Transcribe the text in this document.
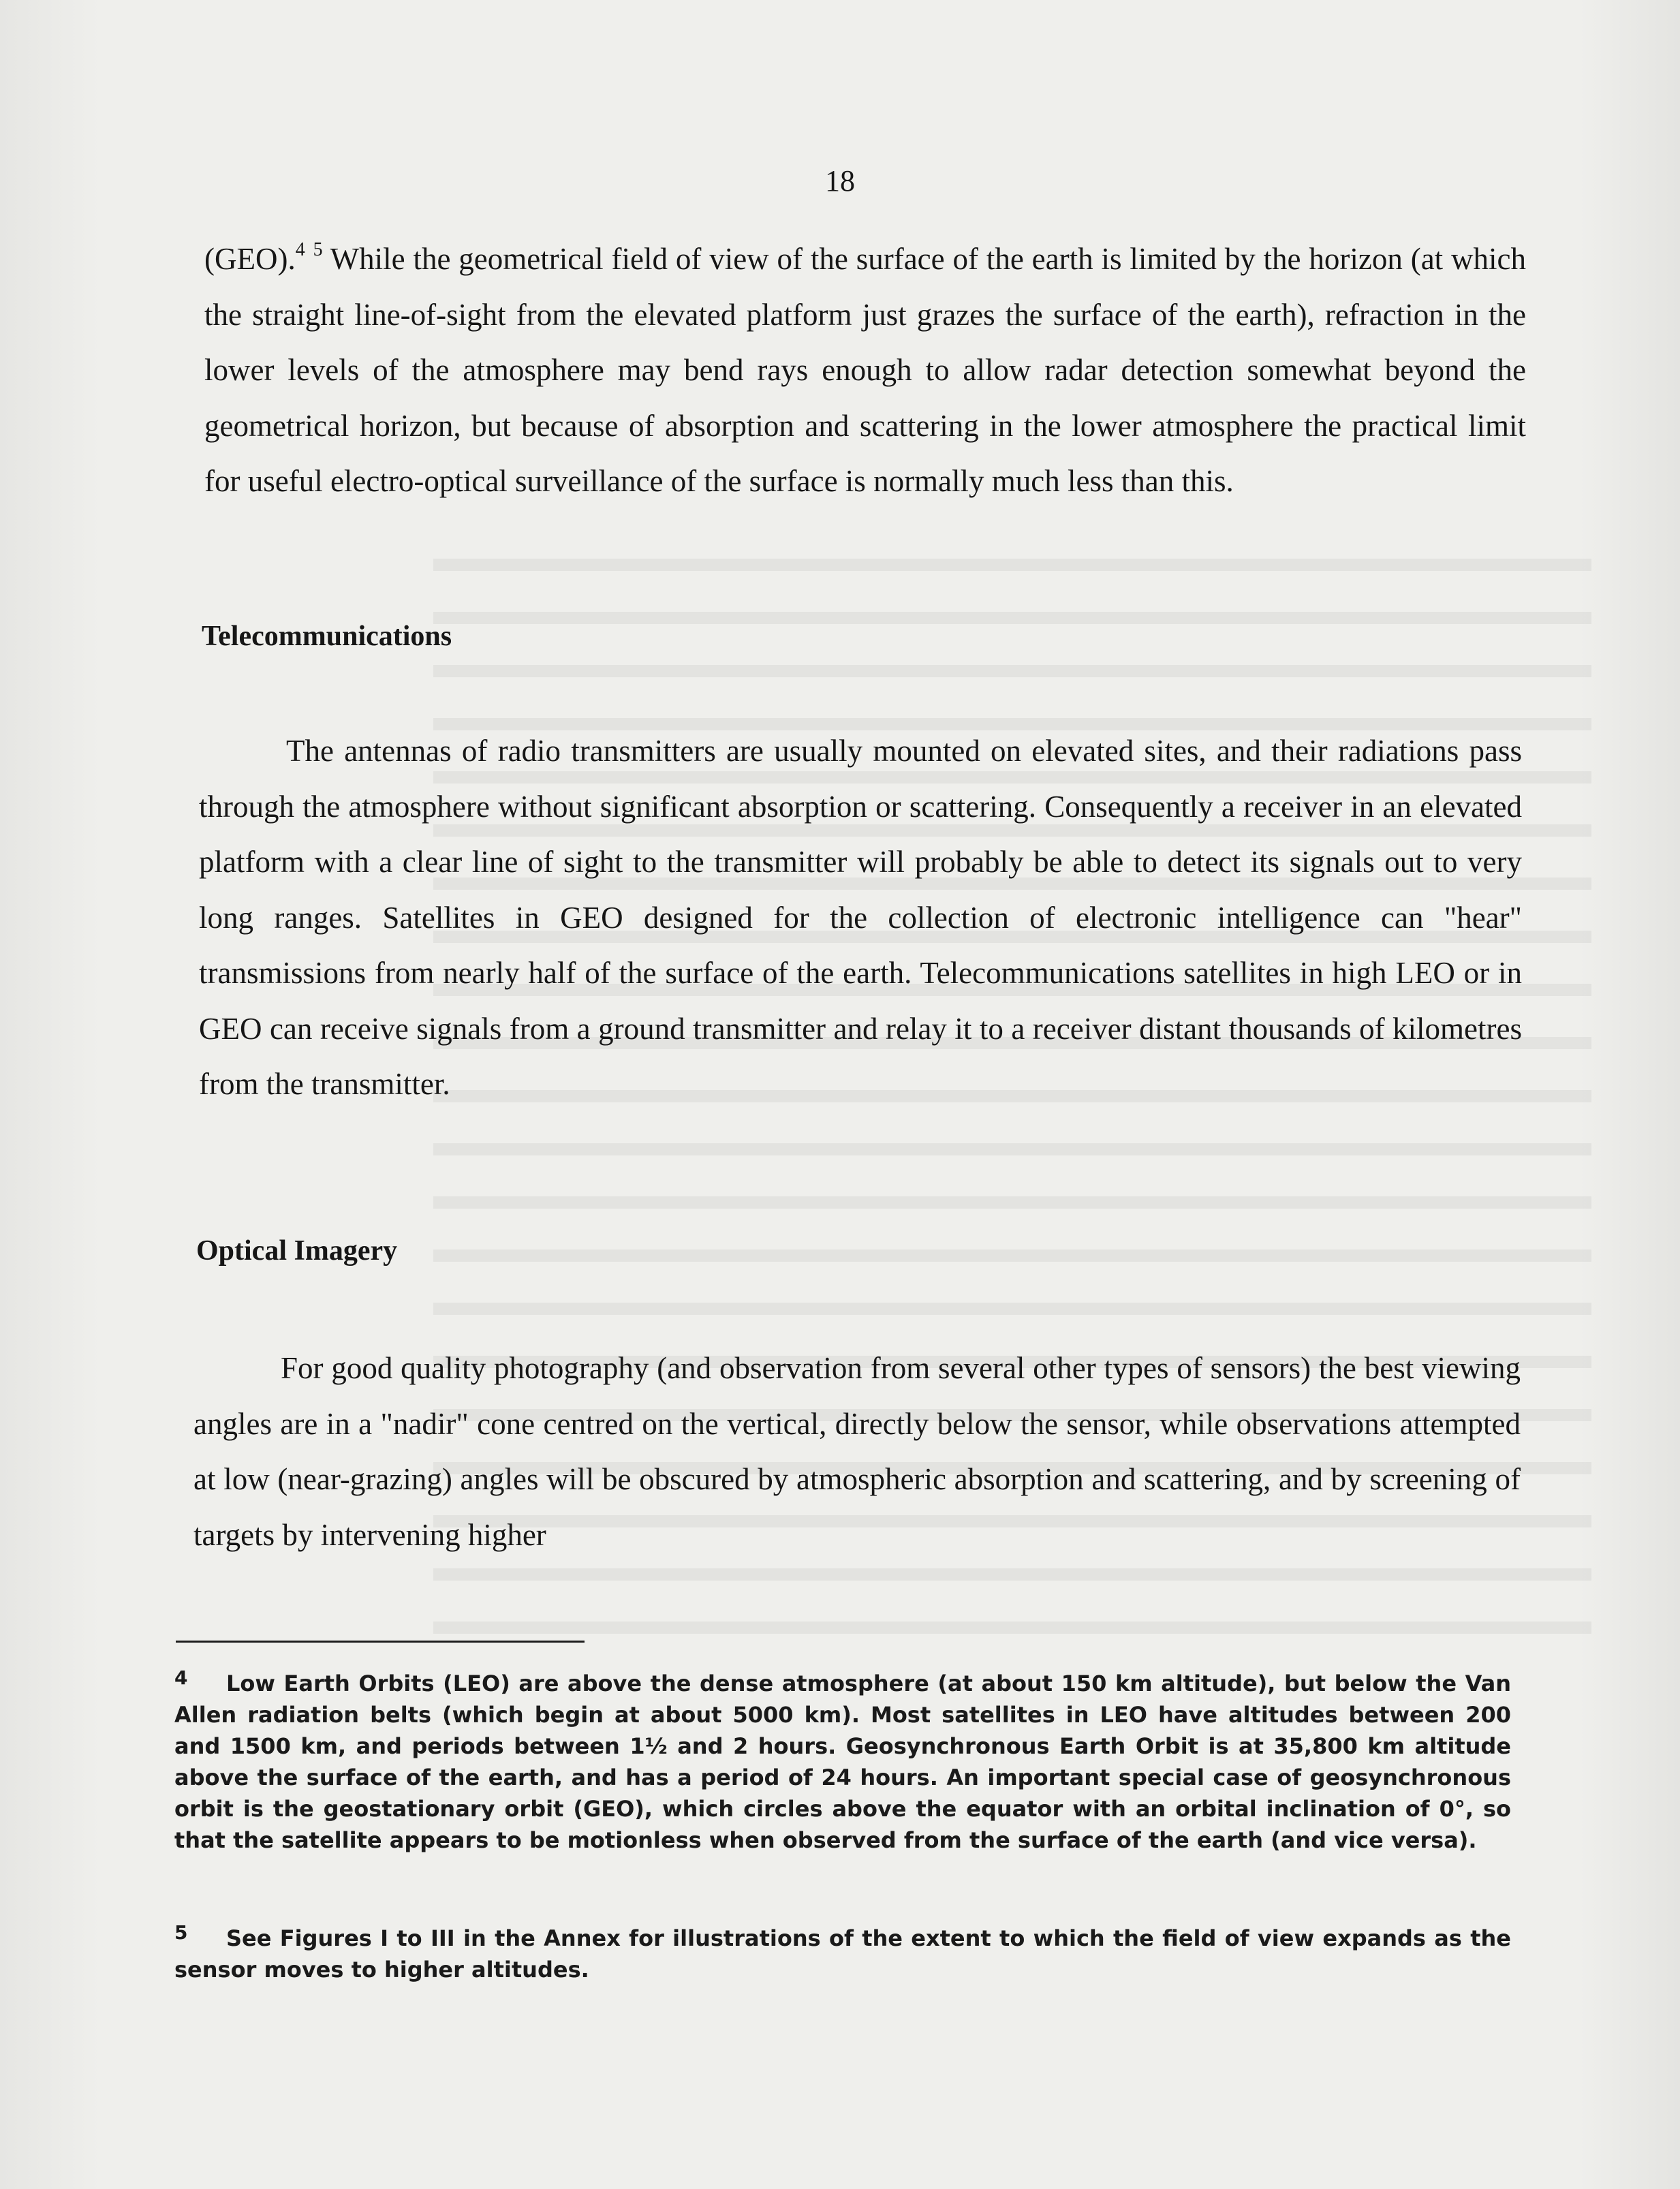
18

(GEO).$^4$ $^5$ While the geometrical field of view of the surface of the earth is limited by the horizon (at which the straight line-of-sight from the elevated platform just grazes the surface of the earth), refraction in the lower levels of the atmosphere may bend rays enough to allow radar detection somewhat beyond the geometrical horizon, but because of absorption and scattering in the lower atmosphere the practical limit for useful electro-optical surveillance of the surface is normally much less than this.

Telecommunications

The antennas of radio transmitters are usually mounted on elevated sites, and their radiations pass through the atmosphere without significant absorption or scattering. Consequently a receiver in an elevated platform with a clear line of sight to the transmitter will probably be able to detect its signals out to very long ranges. Satellites in GEO designed for the collection of electronic intelligence can "hear" transmissions from nearly half of the surface of the earth. Telecommunications satellites in high LEO or in GEO can receive signals from a ground transmitter and relay it to a receiver distant thousands of kilometres from the transmitter.

Optical Imagery

For good quality photography (and observation from several other types of sensors) the best viewing angles are in a "nadir" cone centred on the vertical, directly below the sensor, while observations attempted at low (near-grazing) angles will be obscured by atmospheric absorption and scattering, and by screening of targets by intervening higher

4 Low Earth Orbits (LEO) are above the dense atmosphere (at about 150 km altitude), but below the Van Allen radiation belts (which begin at about 5000 km). Most satellites in LEO have altitudes between 200 and 1500 km, and periods between 1½ and 2 hours. Geosynchronous Earth Orbit is at 35,800 km altitude above the surface of the earth, and has a period of 24 hours. An important special case of geosynchronous orbit is the geostationary orbit (GEO), which circles above the equator with an orbital inclination of 0°, so that the satellite appears to be motionless when observed from the surface of the earth (and vice versa).
5 See Figures I to III in the Annex for illustrations of the extent to which the field of view expands as the sensor moves to higher altitudes.
